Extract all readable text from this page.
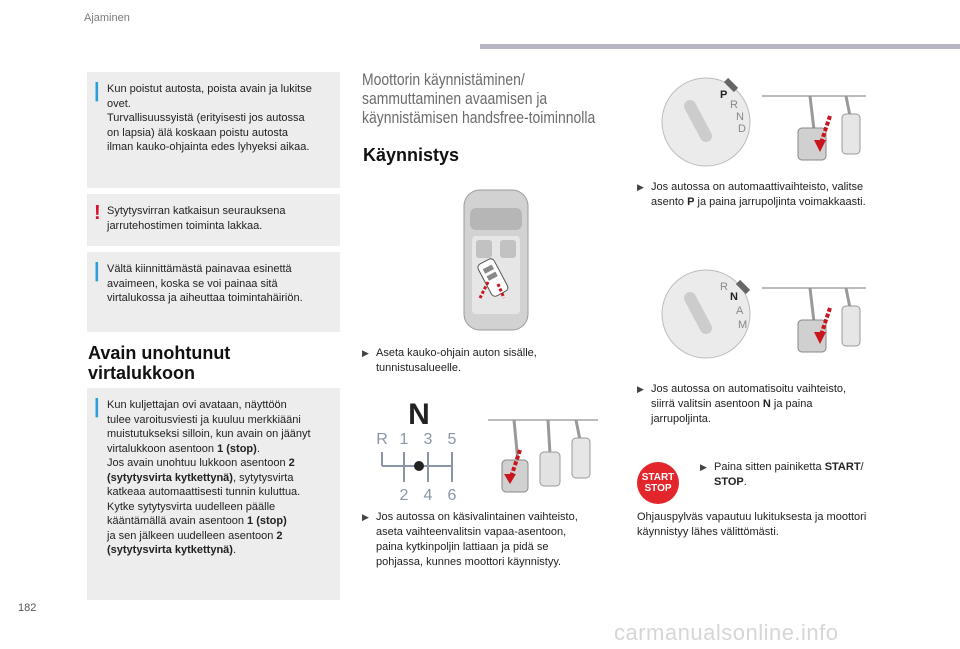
Ajaminen
| Kun poistut autosta, poista avain ja lukitse

ovet.

Turvallisuussyistä (erityisesti jos autossa

on lapsia) älä koskaan poistu autosta

ilman kauko-ohjainta edes lyhyeksi aikaa.

! Sytytysvirran katkaisun seurauksena

jarrutehostimen toiminta lakkaa.

| Vältä kiinnittämästä painavaa esinettä

avaimeen, koska se voi painaa sitä

virtalukossa ja aiheuttaa toimintahäiriön.

Avain unohtunut
virtalukkoon
| Kun kuljettajan ovi avataan, näyttöön

tulee varoitusviesti ja kuuluu merkkiääni

muistutukseksi silloin, kun avain on jäänyt

virtalukkoon asentoon 1 (stop).

Jos avain unohtuu lukkoon asentoon 2

(sytytysvirta kytkettynä), sytytysvirta

katkeaa automaattisesti tunnin kuluttua.

Kytke sytytysvirta uudelleen päälle

kääntämällä avain asentoon 1 (stop)

ja sen jälkeen uudelleen asentoon 2

(sytytysvirta kytkettynä).

Moottorin käynnistäminen/
sammuttaminen avaamisen ja
käynnistämisen handsfree-toiminnolla
Käynnistys
▶ Aseta kauko-ohjain auton sisälle,
tunnistusalueelle.
N
R 1 3 5
2 4 6
▶ Jos autossa on käsivalintainen vaihteisto,
aseta vaihteenvalitsin vapaa-asentoon,
paina kytkinpoljin lattiaan ja pidä se
pohjassa, kunnes moottori käynnistyy.
P
R
N
D
▶ Jos autossa on automaattivaihteisto, valitse
asento P ja paina jarrupoljinta voimakkaasti.
R
N
A
M
▶ Jos autossa on automatisoitu vaihteisto,
siirrä valitsin asentoon N ja paina
jarrupoljinta.
START
STOP
▶ Paina sitten painiketta START/
STOP.
Ohjauspylväs vapautuu lukituksesta ja moottori
käynnistyy lähes välittömästi.
182
carmanualsonline.info
